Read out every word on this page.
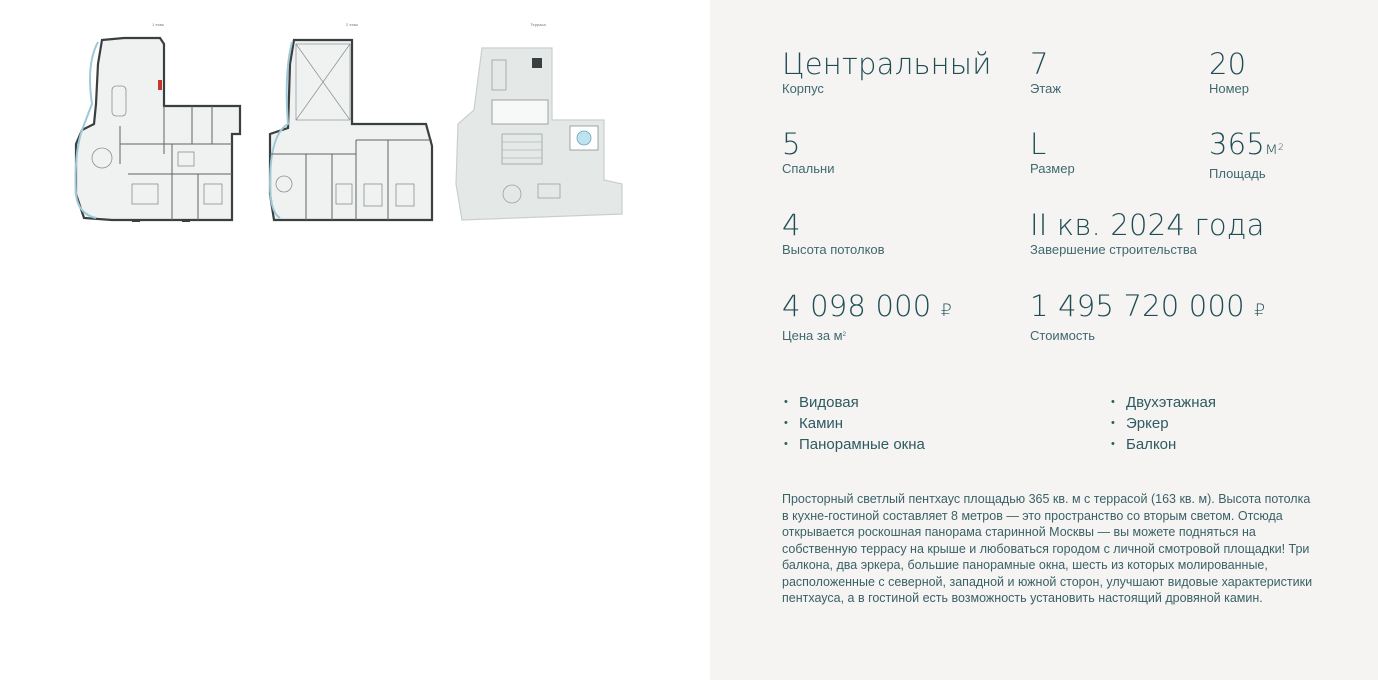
1 этаж	2 этаж	Терраса
Центральный
Корпус
7
Этаж
20
Номер
5
Спальни
L
Размер
$365м^2$
Площадь
4
Высота потолков
II кв. 2024 года
Завершение строительства
4 098 000 ₽
Цена за $м^2$
1 495 720 000 ₽
Стоимость
• Видовая
• Камин
• Панорамные окна
• Двухэтажная
• Эркер
• Балкон

Просторный светлый пентхаус площадью 365 кв. м с террасой (163 кв. м). Высота потолка в кухне-гостиной составляет 8 метров — это пространство со вторым светом. Отсюда открывается роскошная панорама старинной Москвы — вы можете подняться на собственную террасу на крыше и любоваться городом с личной смотровой площадки! Три балкона, два эркера, большие панорамные окна, шесть из которых молированные, расположенные с северной, западной и южной сторон, улучшают видовые характеристики пентхауса, а в гостиной есть возможность установить настоящий дровяной камин.
